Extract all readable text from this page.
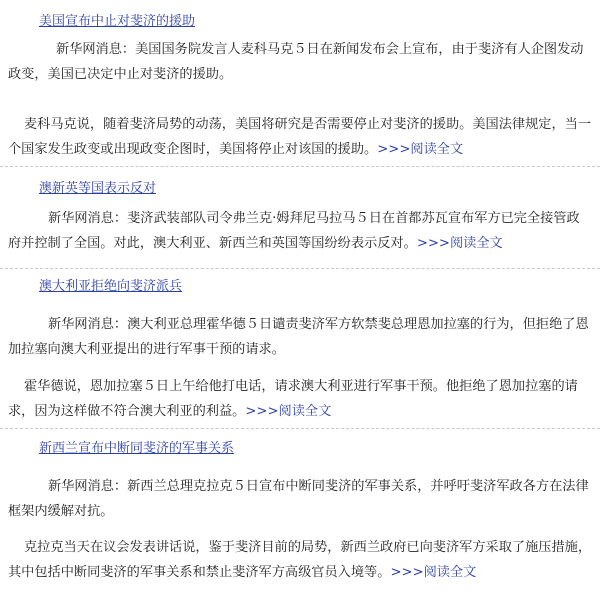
美国宣布中止对斐济的援助

新华网消息：美国国务院发言人麦科马克５日在新闻发布会上宣布，由于斐济有人企图发动政变，美国已决定中止对斐济的援助。

麦科马克说，随着斐济局势的动荡，美国将研究是否需要停止对斐济的援助。美国法律规定，当一个国家发生政变或出现政变企图时，美国将停止对该国的援助。>>>阅读全文

澳新英等国表示反对

新华网消息：斐济武装部队司令弗兰克·姆拜尼马拉马５日在首都苏瓦宣布军方已完全接管政府并控制了全国。对此，澳大利亚、新西兰和英国等国纷纷表示反对。>>>阅读全文

澳大利亚拒绝向斐济派兵

新华网消息：澳大利亚总理霍华德５日谴责斐济军方软禁斐总理恩加拉塞的行为，但拒绝了恩加拉塞向澳大利亚提出的进行军事干预的请求。

霍华德说，恩加拉塞５日上午给他打电话，请求澳大利亚进行军事干预。他拒绝了恩加拉塞的请求，因为这样做不符合澳大利亚的利益。>>>阅读全文

新西兰宣布中断同斐济的军事关系

新华网消息：新西兰总理克拉克５日宣布中断同斐济的军事关系，并呼吁斐济军政各方在法律框架内缓解对抗。

克拉克当天在议会发表讲话说，鉴于斐济目前的局势，新西兰政府已向斐济军方采取了施压措施，其中包括中断同斐济的军事关系和禁止斐济军方高级官员入境等。>>>阅读全文
